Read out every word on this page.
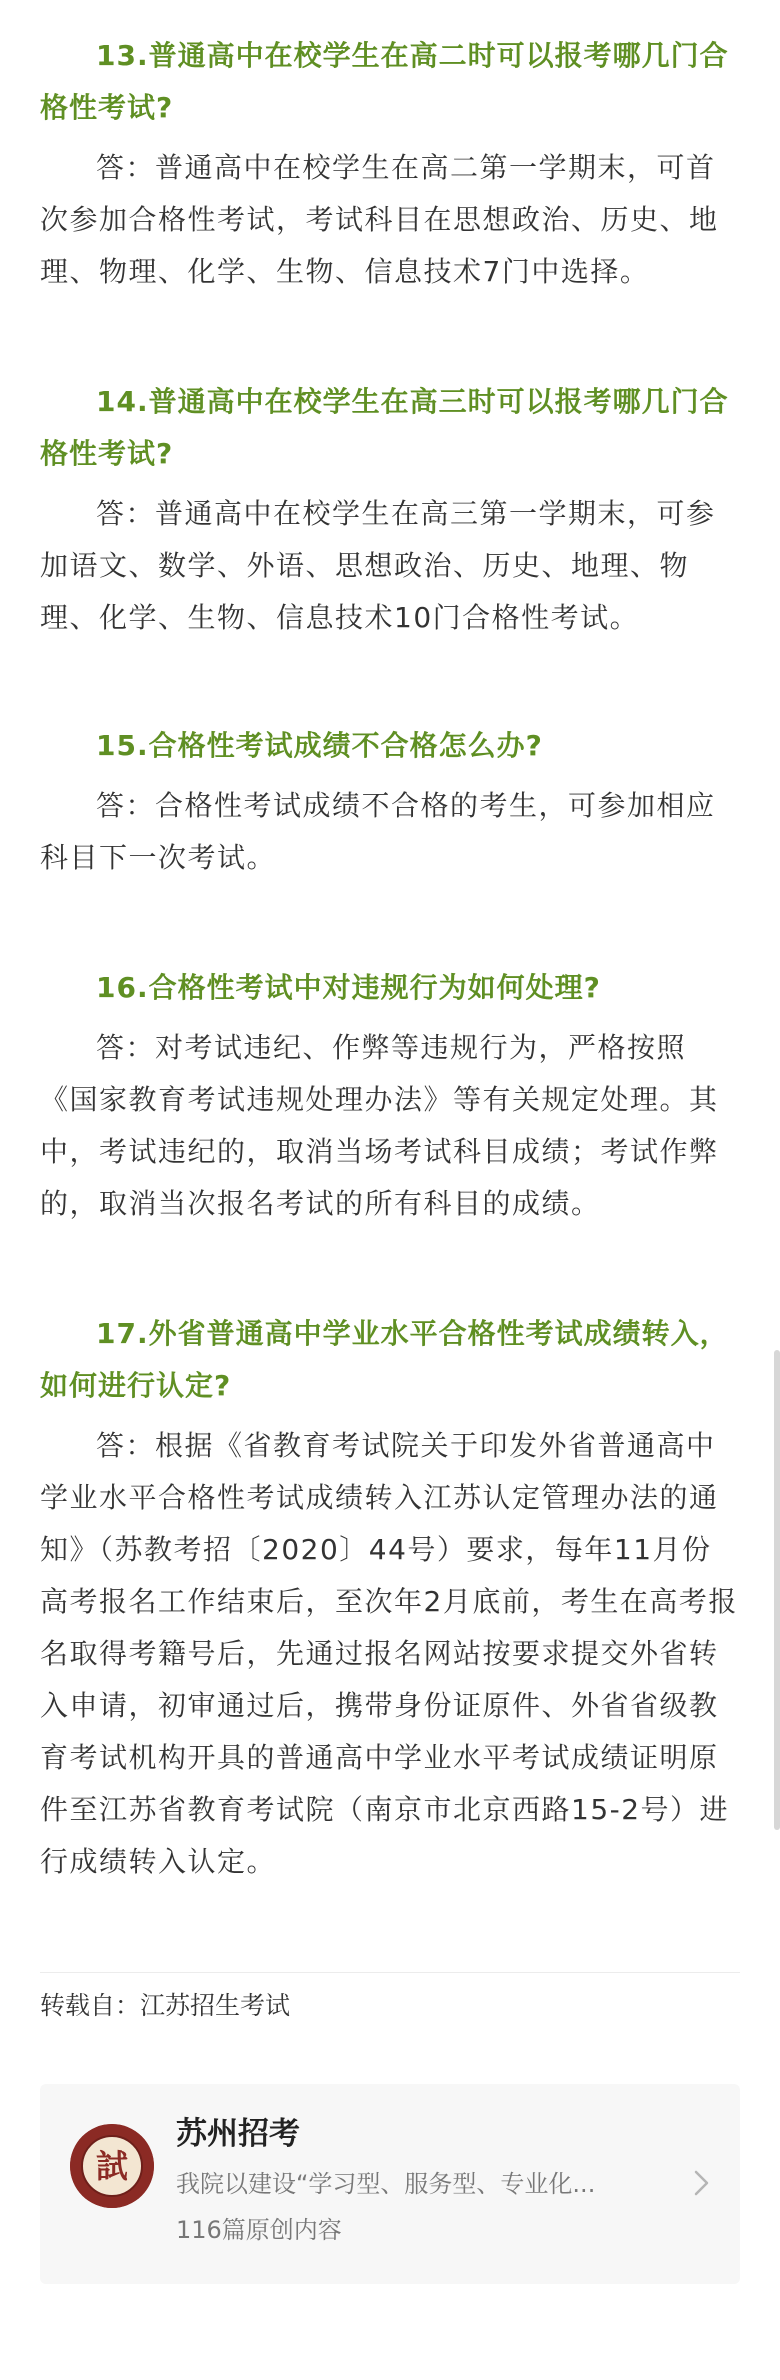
13.普通高中在校学生在高二时可以报考哪几门合格性考试?

答：普通高中在校学生在高二第一学期末，可首次参加合格性考试，考试科目在思想政治、历史、地理、物理、化学、生物、信息技术7门中选择。

14.普通高中在校学生在高三时可以报考哪几门合格性考试?

答：普通高中在校学生在高三第一学期末，可参加语文、数学、外语、思想政治、历史、地理、物理、化学、生物、信息技术10门合格性考试。

15.合格性考试成绩不合格怎么办?

答：合格性考试成绩不合格的考生，可参加相应科目下一次考试。

16.合格性考试中对违规行为如何处理?

答：对考试违纪、作弊等违规行为，严格按照《国家教育考试违规处理办法》等有关规定处理。其中，考试违纪的，取消当场考试科目成绩；考试作弊的，取消当次报名考试的所有科目的成绩。

17.外省普通高中学业水平合格性考试成绩转入，如何进行认定?

答：根据《省教育考试院关于印发外省普通高中学业水平合格性考试成绩转入江苏认定管理办法的通知》（苏教考招〔2020〕44号）要求，每年11月份高考报名工作结束后，至次年2月底前，考生在高考报名取得考籍号后，先通过报名网站按要求提交外省转入申请，初审通过后，携带身份证原件、外省省级教育考试机构开具的普通高中学业水平考试成绩证明原件至江苏省教育考试院（南京市北京西路15-2号）进行成绩转入认定。

转载自：江苏招生考试
試
苏州招考
我院以建设“学习型、服务型、专业化...
116篇原创内容
